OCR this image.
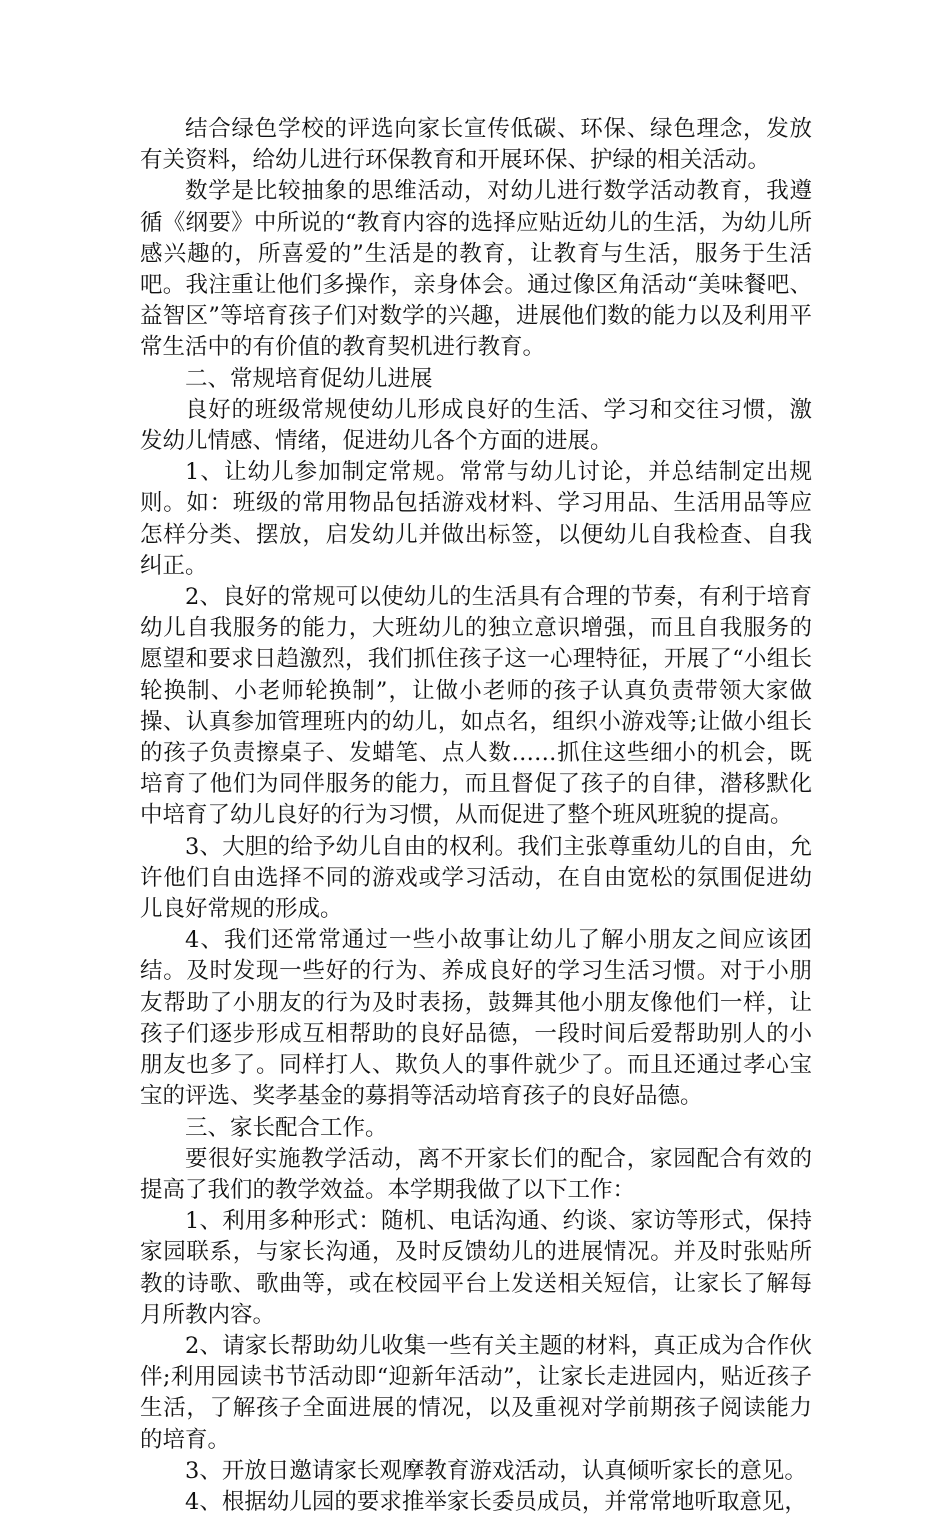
结合绿色学校的评选向家长宣传低碳、环保、绿色理念，发放有关资料，给幼儿进行环保教育和开展环保、护绿的相关活动。

数学是比较抽象的思维活动，对幼儿进行数学活动教育，我遵循《纲要》中所说的“教育内容的选择应贴近幼儿的生活，为幼儿所感兴趣的，所喜爱的”生活是的教育，让教育与生活，服务于生活吧。我注重让他们多操作，亲身体会。通过像区角活动“美味餐吧、益智区”等培育孩子们对数学的兴趣，进展他们数的能力以及利用平常生活中的有价值的教育契机进行教育。

二、常规培育促幼儿进展

良好的班级常规使幼儿形成良好的生活、学习和交往习惯，激发幼儿情感、情绪，促进幼儿各个方面的进展。

1、让幼儿参加制定常规。常常与幼儿讨论，并总结制定出规则。如：班级的常用物品包括游戏材料、学习用品、生活用品等应怎样分类、摆放，启发幼儿并做出标签，以便幼儿自我检查、自我纠正。

2、良好的常规可以使幼儿的生活具有合理的节奏，有利于培育幼儿自我服务的能力，大班幼儿的独立意识增强，而且自我服务的愿望和要求日趋激烈，我们抓住孩子这一心理特征，开展了“小组长轮换制、小老师轮换制”，让做小老师的孩子认真负责带领大家做操、认真参加管理班内的幼儿，如点名，组织小游戏等;让做小组长的孩子负责擦桌子、发蜡笔、点人数……抓住这些细小的机会，既培育了他们为同伴服务的能力，而且督促了孩子的自律，潜移默化中培育了幼儿良好的行为习惯，从而促进了整个班风班貌的提高。

3、大胆的给予幼儿自由的权利。我们主张尊重幼儿的自由，允许他们自由选择不同的游戏或学习活动，在自由宽松的氛围促进幼儿良好常规的形成。

4、我们还常常通过一些小故事让幼儿了解小朋友之间应该团结。及时发现一些好的行为、养成良好的学习生活习惯。对于小朋友帮助了小朋友的行为及时表扬，鼓舞其他小朋友像他们一样，让孩子们逐步形成互相帮助的良好品德，一段时间后爱帮助别人的小朋友也多了。同样打人、欺负人的事件就少了。而且还通过孝心宝宝的评选、奖孝基金的募捐等活动培育孩子的良好品德。

三、家长配合工作。

要很好实施教学活动，离不开家长们的配合，家园配合有效的提高了我们的教学效益。本学期我做了以下工作：

1、利用多种形式：随机、电话沟通、约谈、家访等形式，保持家园联系，与家长沟通，及时反馈幼儿的进展情况。并及时张贴所教的诗歌、歌曲等，或在校园平台上发送相关短信，让家长了解每月所教内容。

2、请家长帮助幼儿收集一些有关主题的材料，真正成为合作伙伴;利用园读书节活动即“迎新年活动”，让家长走进园内，贴近孩子生活，了解孩子全面进展的情况，以及重视对学前期孩子阅读能力的培育。

3、开放日邀请家长观摩教育游戏活动，认真倾听家长的意见。

4、根据幼儿园的要求推举家长委员成员，并常常地听取意见，
